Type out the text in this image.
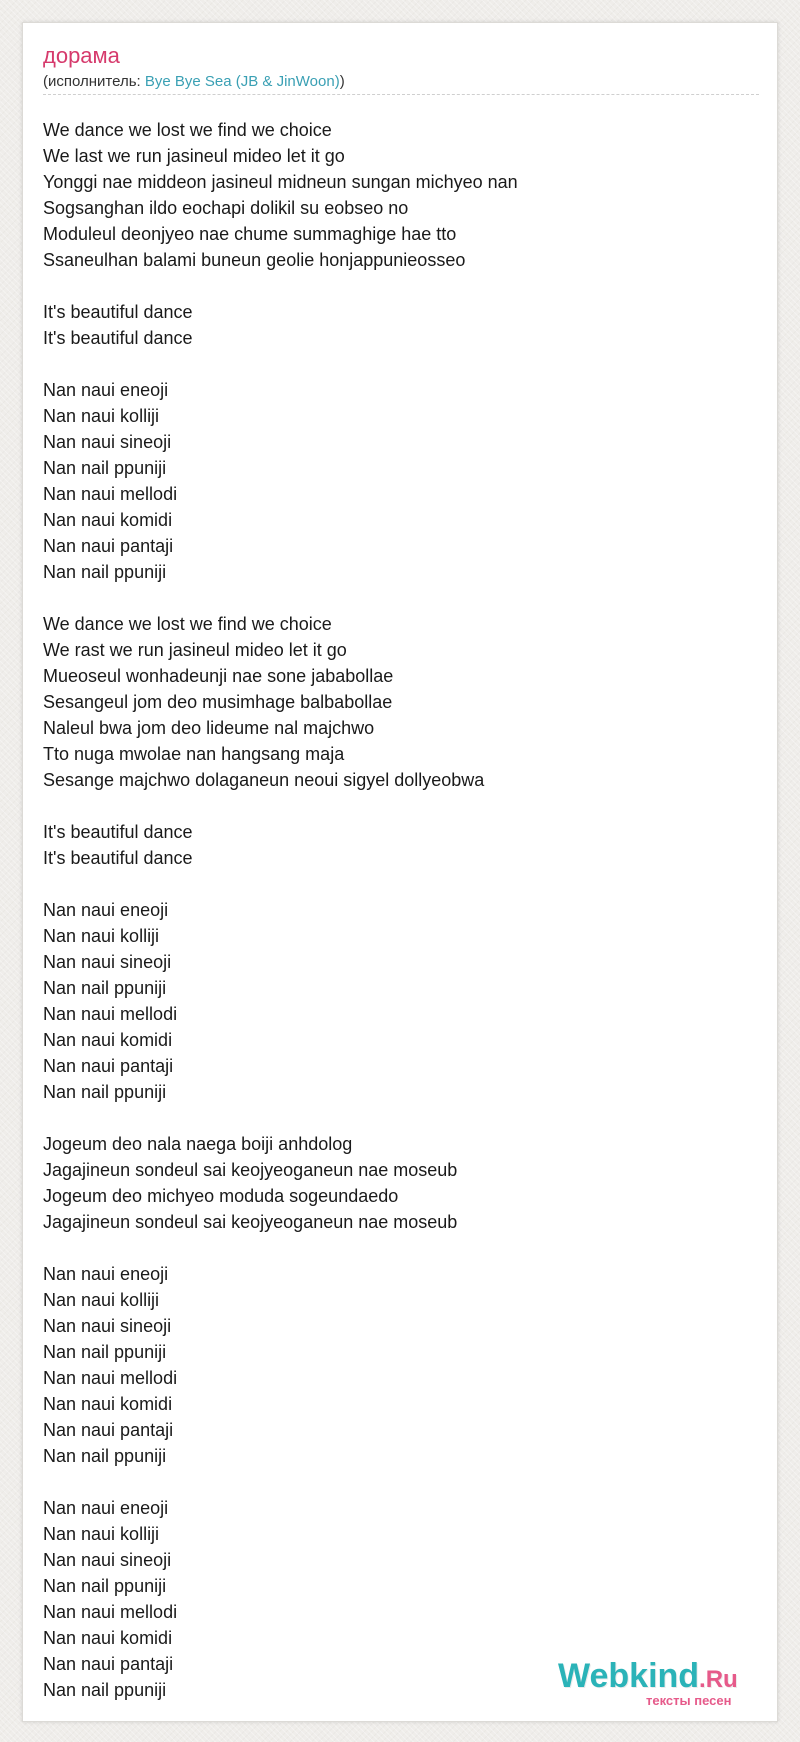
дорама
(исполнитель: Bye Bye Sea (JB & JinWoon))
We dance we lost we find we choice
We last we run jasineul mideo let it go
Yonggi nae middeon jasineul midneun sungan michyeo nan
Sogsanghan ildo eochapi dolikil su eobseo no
Moduleul deonjyeo nae chume summaghige hae tto
Ssaneulhan balami buneun geolie honjappunieosseo
It's beautiful dance
It's beautiful dance
Nan naui eneoji
Nan naui kolliji
Nan naui sineoji
Nan nail ppuniji
Nan naui mellodi
Nan naui komidi
Nan naui pantaji
Nan nail ppuniji
We dance we lost we find we choice
We rast we run jasineul mideo let it go
Mueoseul wonhadeunji nae sone jababollae
Sesangeul jom deo musimhage balbabollae
Naleul bwa jom deo lideume nal majchwo
Tto nuga mwolae nan hangsang maja
Sesange majchwo dolaganeun neoui sigyel dollyeobwa
It's beautiful dance
It's beautiful dance
Nan naui eneoji
Nan naui kolliji
Nan naui sineoji
Nan nail ppuniji
Nan naui mellodi
Nan naui komidi
Nan naui pantaji
Nan nail ppuniji
Jogeum deo nala naega boiji anhdolog
Jagajineun sondeul sai keojyeoganeun nae moseub
Jogeum deo michyeo moduda sogeundaedo
Jagajineun sondeul sai keojyeoganeun nae moseub
Nan naui eneoji
Nan naui kolliji
Nan naui sineoji
Nan nail ppuniji
Nan naui mellodi
Nan naui komidi
Nan naui pantaji
Nan nail ppuniji
Nan naui eneoji
Nan naui kolliji
Nan naui sineoji
Nan nail ppuniji
Nan naui mellodi
Nan naui komidi
Nan naui pantaji
Nan nail ppuniji	Webkind.Ru
тексты песен
